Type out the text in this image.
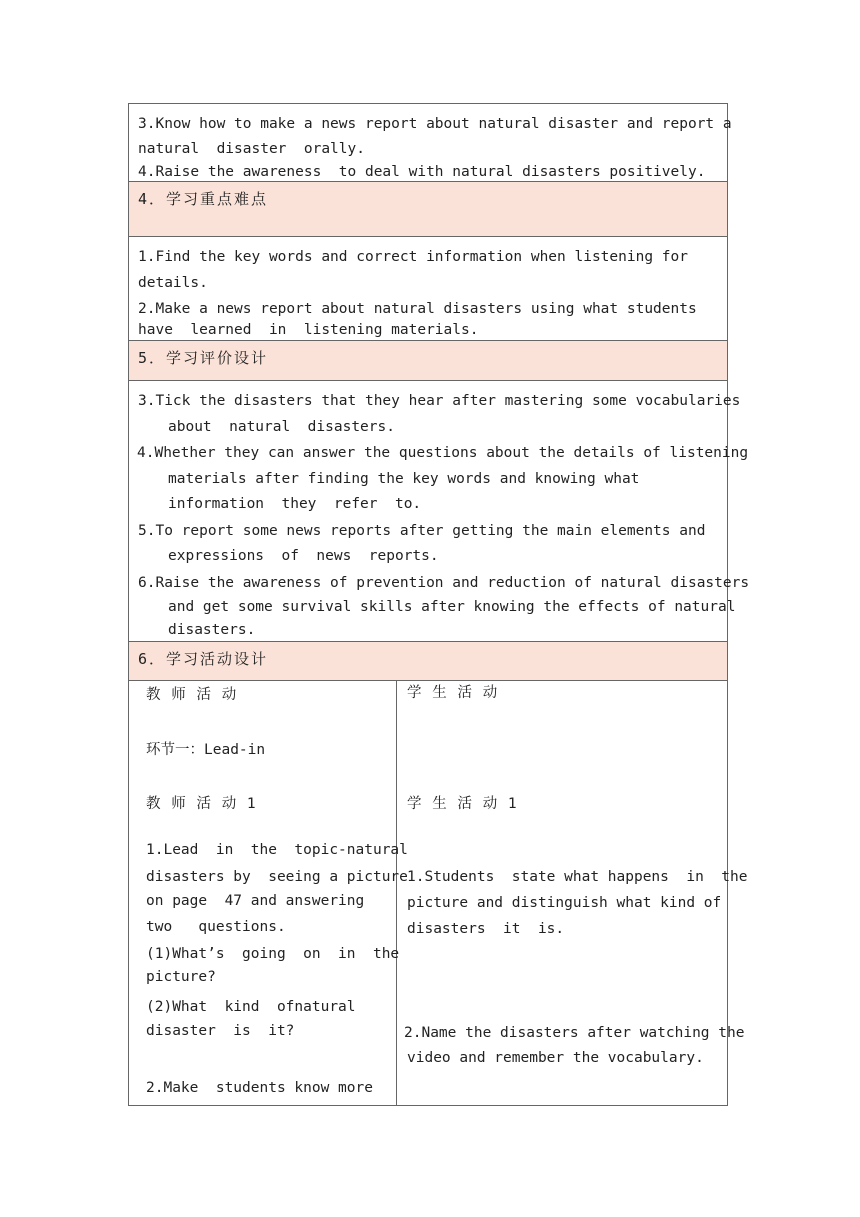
3.Know how to make a news report about natural disaster and report a
natural  disaster  orally.
4.Raise the awareness  to deal with natural disasters positively.
4．学习重点难点
1.Find the key words and correct information when listening for
details.
2.Make a news report about natural disasters using what students
have  learned  in  listening materials.
5．学习评价设计
3.Tick the disasters that they hear after mastering some vocabularies
about  natural  disasters.
4.Whether they can answer the questions about the details of listening
materials after finding the key words and knowing what
information  they  refer  to.
5.To report some news reports after getting the main elements and
expressions  of  news  reports.
6.Raise the awareness of prevention and reduction of natural disasters
and get some survival skills after knowing the effects of natural
disasters.
6．学习活动设计
教 师 活 动
环节一：Lead-in
教 师 活 动 1
1.Lead  in  the  topic-natural
disasters by  seeing a picture
on page  47 and answering
two   questions.
(1)What’s  going  on  in  the
picture?
(2)What  kind  ofnatural
disaster  is  it?
2.Make  students know more
学 生 活 动
学 生 活 动 1
1.Students  state what happens  in  the
picture and distinguish what kind of
disasters  it  is.
2.Name the disasters after watching the
video and remember the vocabulary.
